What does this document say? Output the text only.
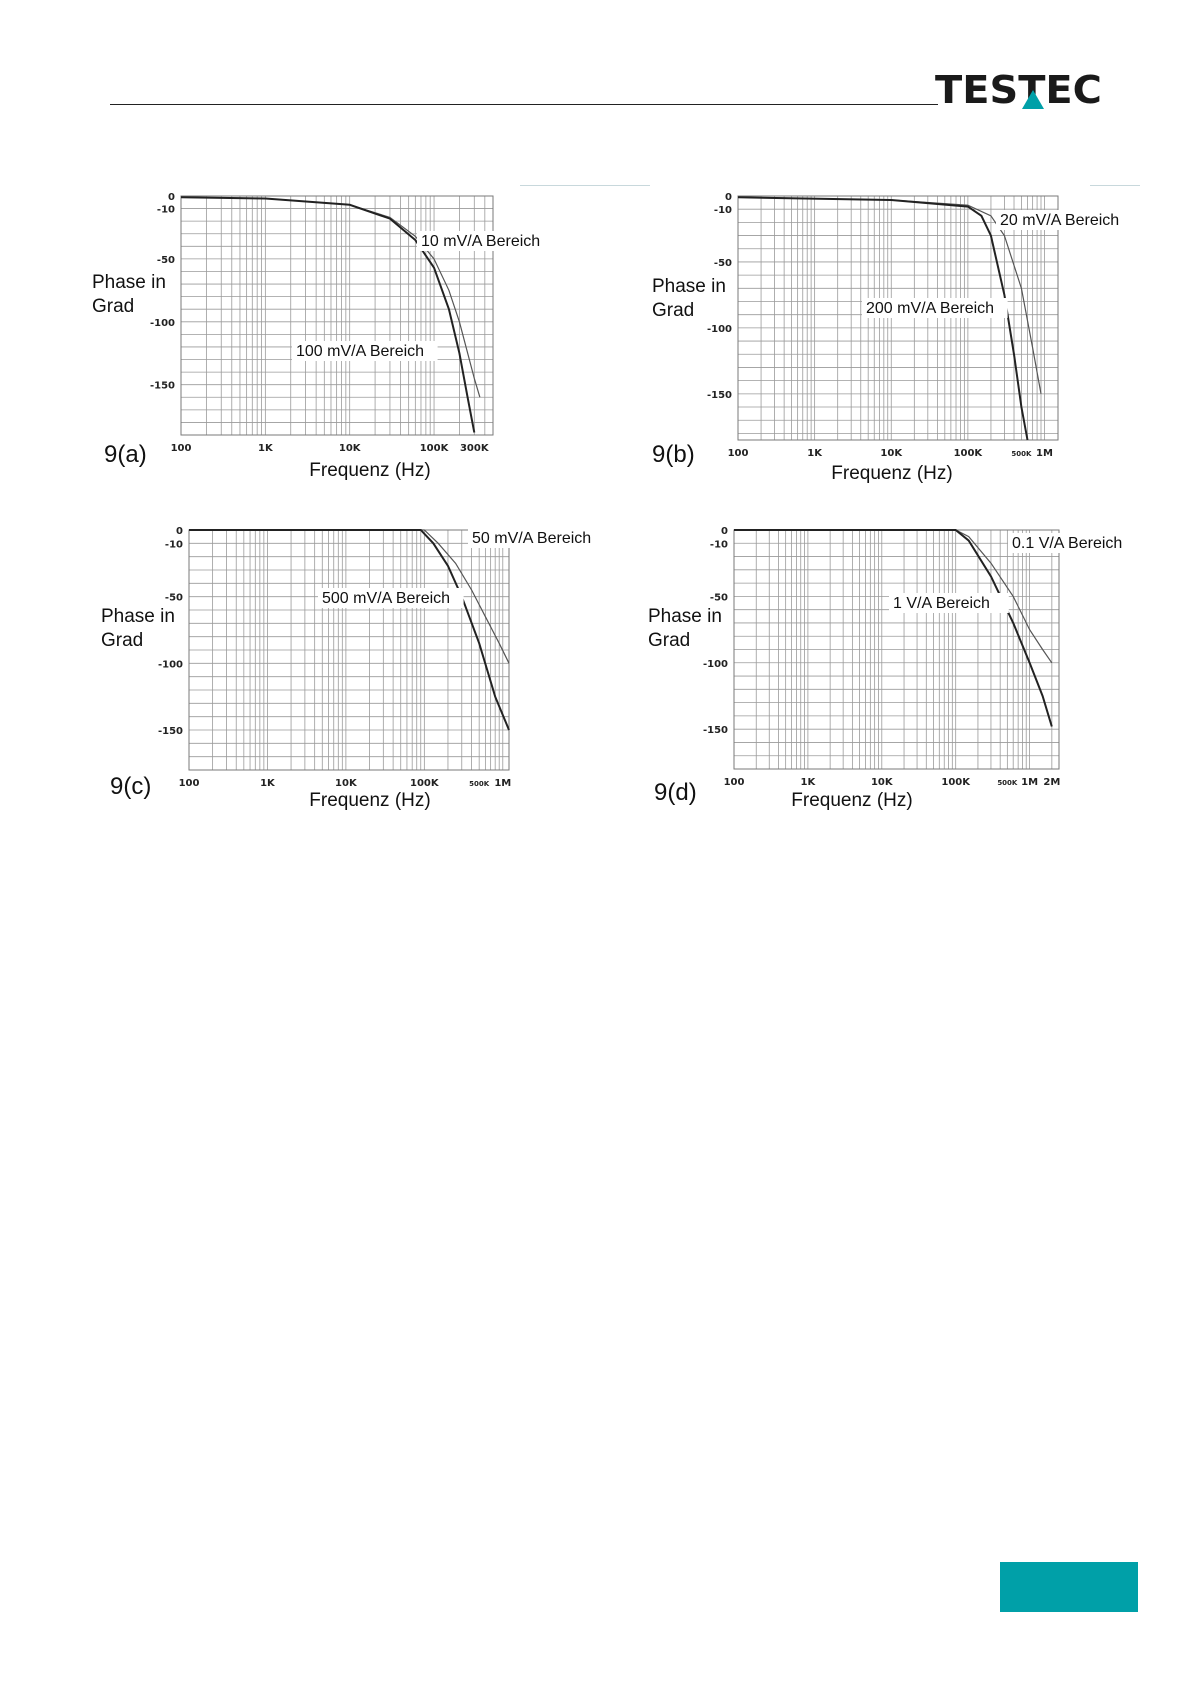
TESTEC
0
-10
-50
-100
-150
100	1K	10K	100K 300K
10 mV/A Bereich
100 mV/A Bereich
Phase in
Grad
Frequenz (Hz)
9(a)
0
-10
-50
-100
-150
100	1K	10K	100K	500K 1M
20 mV/A Bereich
200 mV/A Bereich
Phase in
Grad
Frequenz (Hz)
9(b)
0
-10
-50
-100
-150
100	1K	10K	100K	500K 1M
50 mV/A Bereich
500 mV/A Bereich
Phase in
Grad
Frequenz (Hz)
9(c)
0
-10
-50
-100
-150
100	1K	10K	100K	500K 1M 2M
0.1 V/A Bereich
1 V/A Bereich
Phase in
Grad
Frequenz (Hz)
9(d)
